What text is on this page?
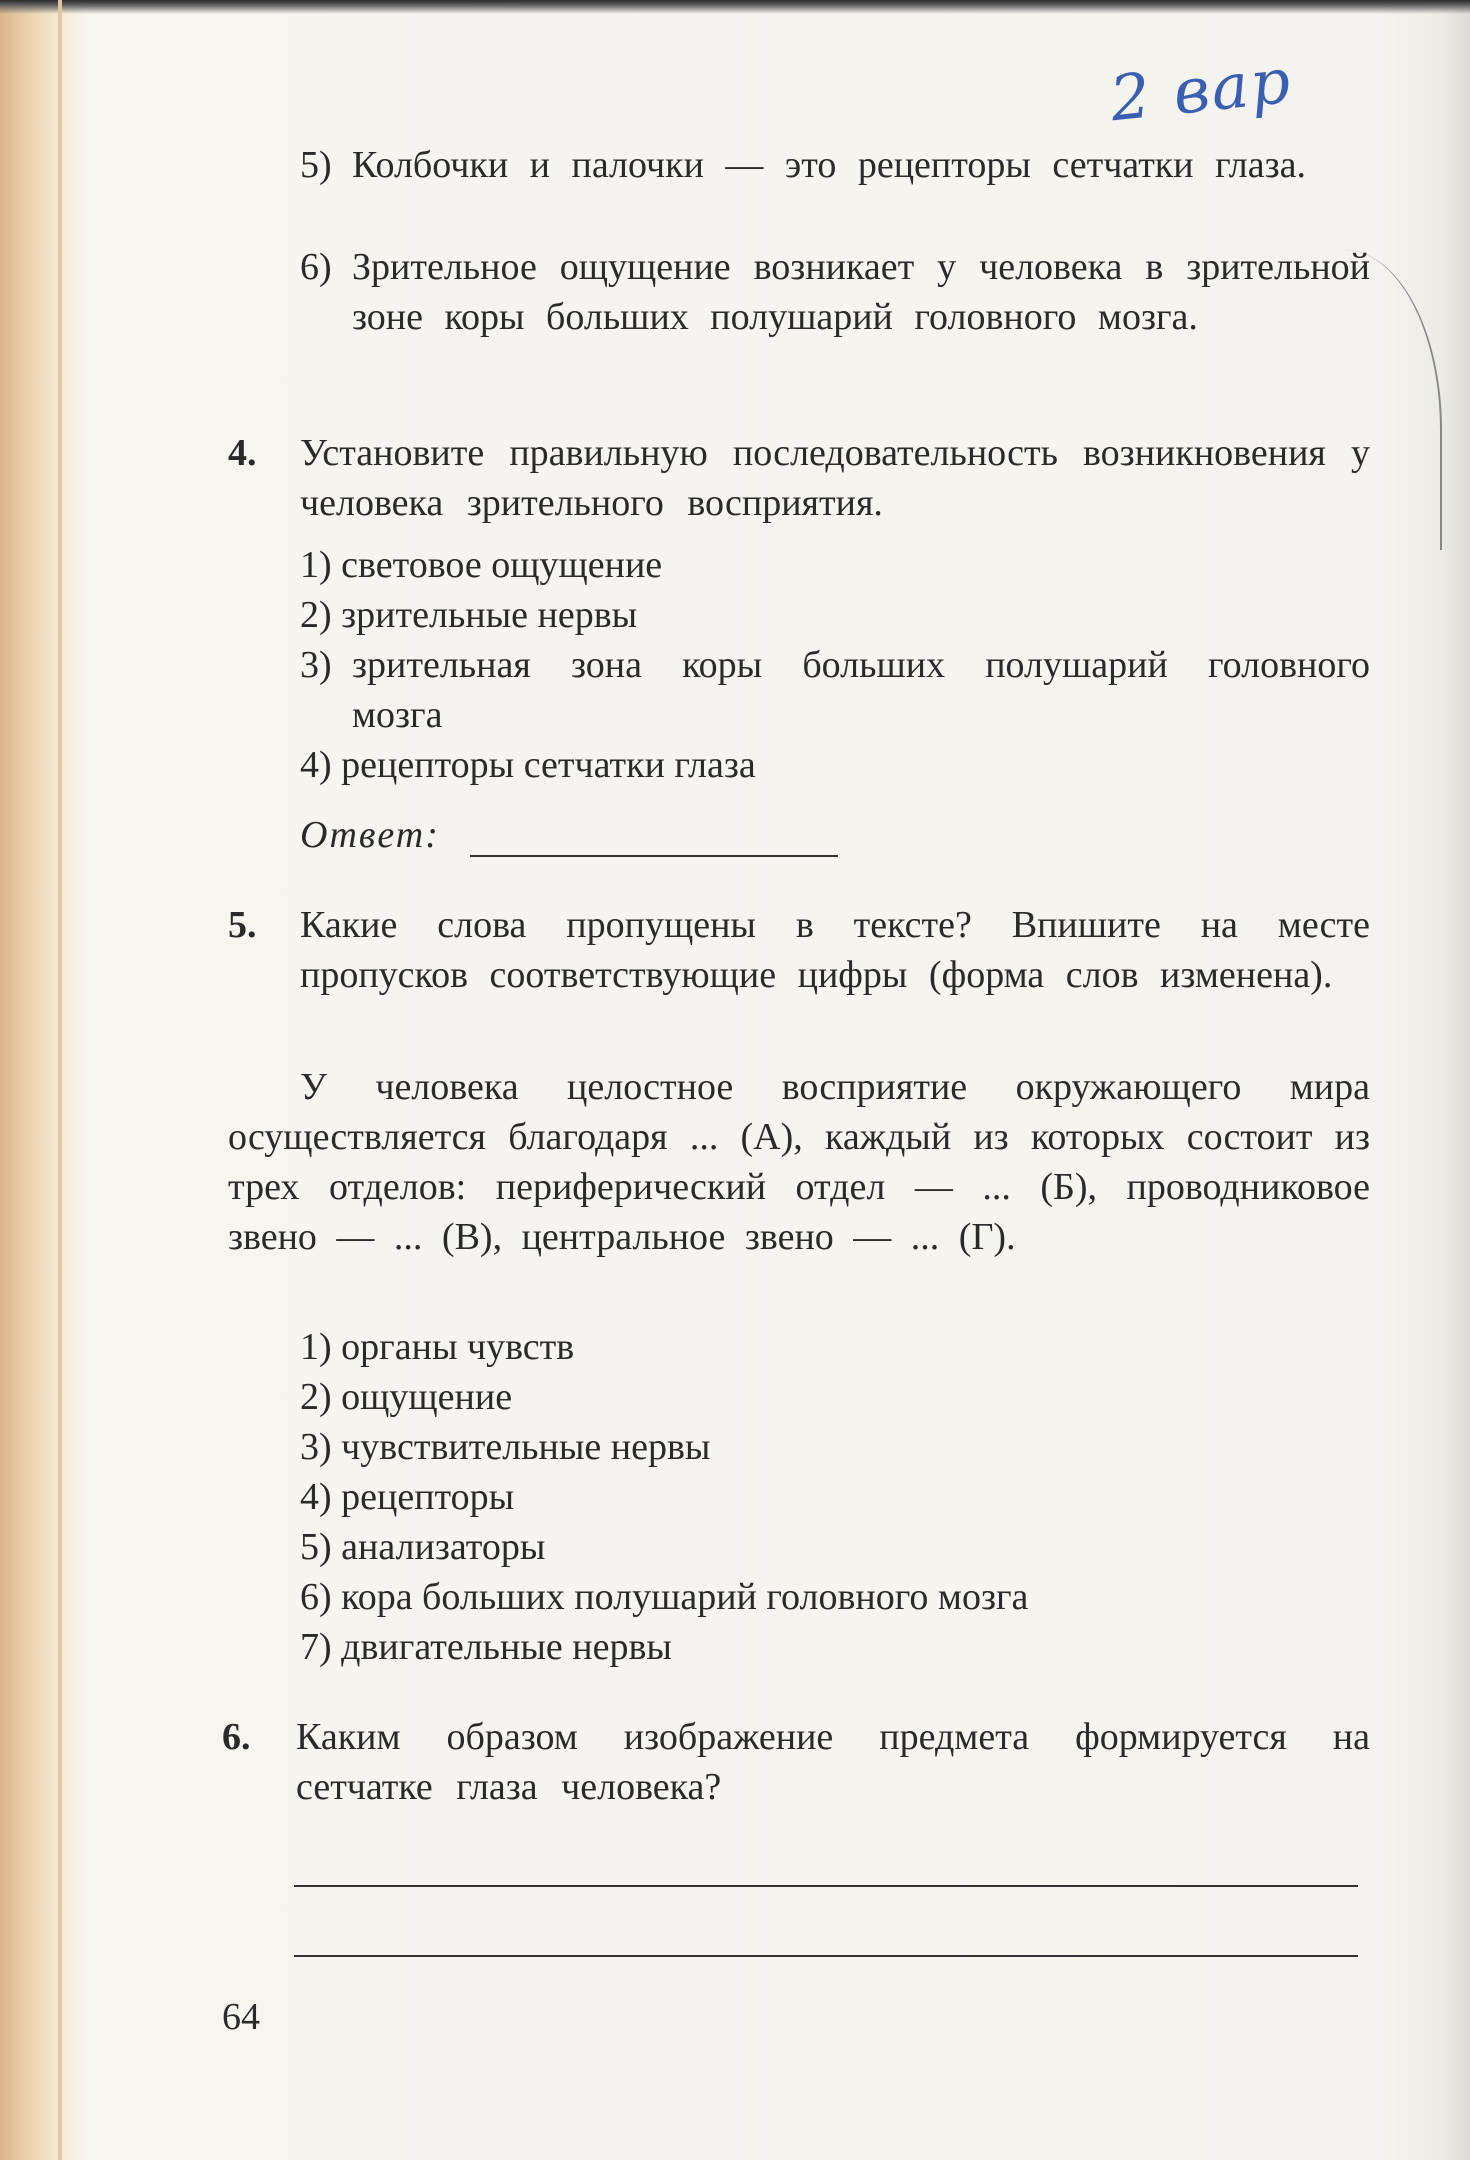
2 вар
5) Колбочки и палочки — это рецепторы сетчатки глаза.

6) Зрительное ощущение возникает у человека в зрительной зоне коры больших полушарий головного мозга.

4. Установите правильную последовательность возникновения у человека зрительного восприятия.

1) световое ощущение
2) зрительные нервы
3) зрительная зона коры больших полушарий головного мозга

4) рецепторы сетчатки глаза
Ответ:
5. Какие слова пропущены в тексте? Впишите на месте пропусков соответствующие цифры (форма слов изменена).

У человека целостное восприятие окружающего мира осуществляется благодаря ... (А), каждый из которых состоит из трех отделов: периферический отдел — ... (Б), проводниковое звено — ... (В), центральное звено — ... (Г).

1) органы чувств
2) ощущение
3) чувствительные нервы
4) рецепторы
5) анализаторы
6) кора больших полушарий головного мозга
7) двигательные нервы
6. Каким образом изображение предмета формируется на сетчатке глаза человека?

64
